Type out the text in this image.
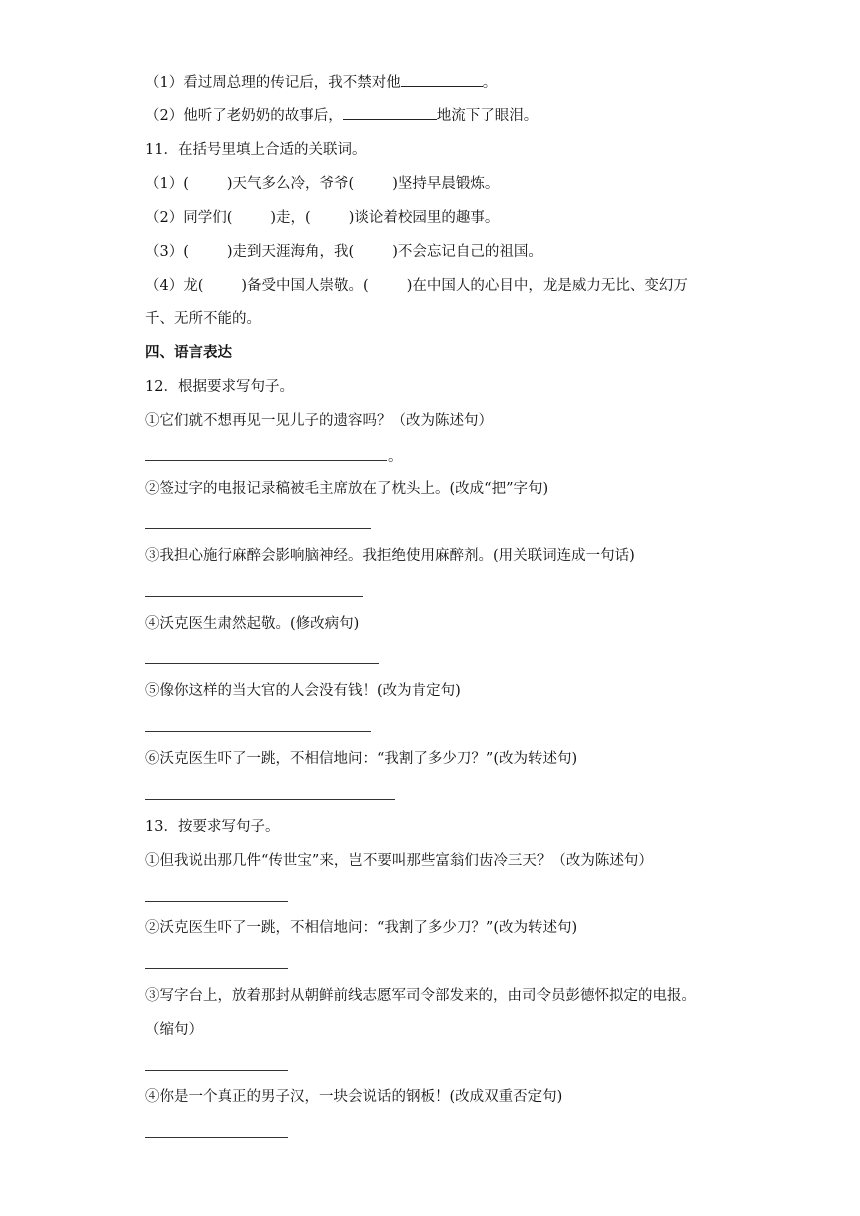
（1）看过周总理的传记后，我不禁对他	。
（2）他听了老奶奶的故事后，	地流下了眼泪。
11．在括号里填上合适的关联词。
（1）(	)天气多么冷，爷爷(	)坚持早晨锻炼。
（2）同学们(	)走，(	)谈论着校园里的趣事。
（3）(	)走到天涯海角，我(	)不会忘记自己的祖国。
（4）龙(	)备受中国人崇敬。(	)在中国人的心目中，龙是威力无比、变幻万
千、无所不能的。
四、语言表达
12．根据要求写句子。
①它们就不想再见一见儿子的遗容吗？（改为陈述句）
。
②签过字的电报记录稿被毛主席放在了枕头上。(改成“把”字句)
③我担心施行麻醉会影响脑神经。我拒绝使用麻醉剂。(用关联词连成一句话)
④沃克医生肃然起敬。(修改病句)
⑤像你这样的当大官的人会没有钱！(改为肯定句)
⑥沃克医生吓了一跳，不相信地问：“我割了多少刀？”(改为转述句)
13．按要求写句子。
①但我说出那几件“传世宝”来，岂不要叫那些富翁们齿冷三天？（改为陈述句）
②沃克医生吓了一跳，不相信地问：“我割了多少刀？”(改为转述句)
③写字台上，放着那封从朝鲜前线志愿军司令部发来的，由司令员彭德怀拟定的电报。
（缩句）
④你是一个真正的男子汉，一块会说话的钢板！(改成双重否定句)
